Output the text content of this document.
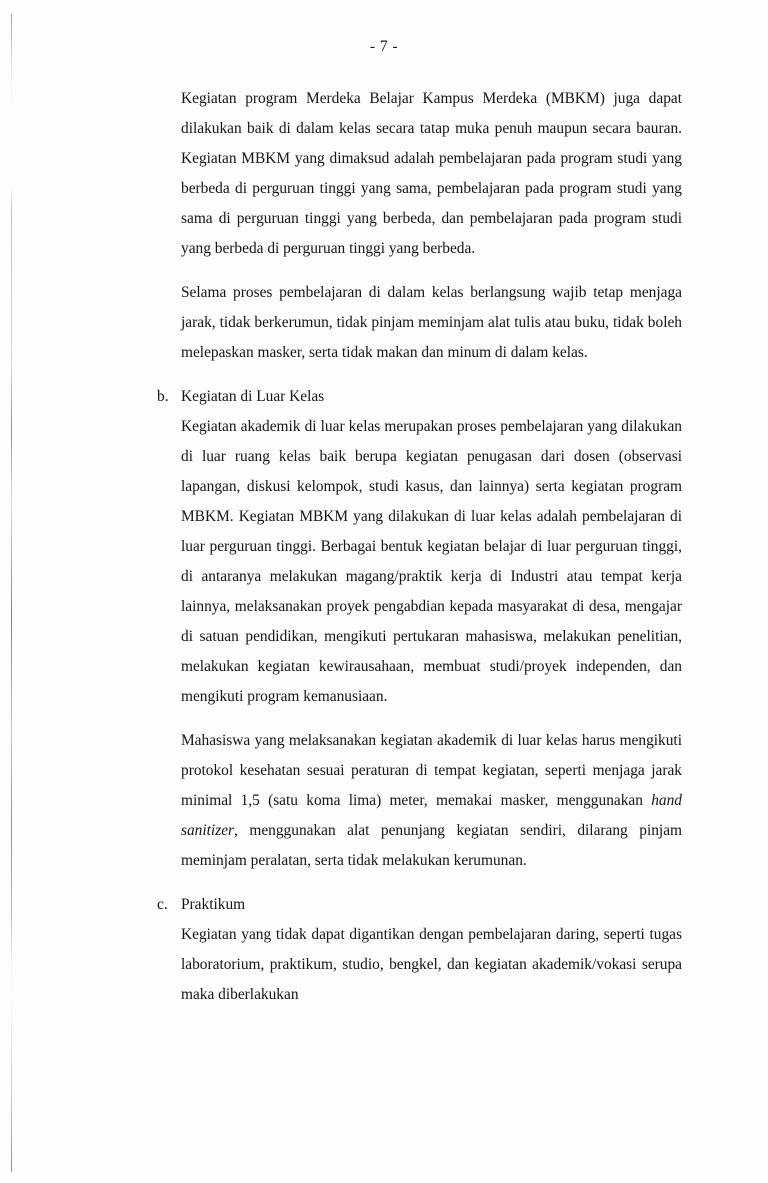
- 7 -

Kegiatan program Merdeka Belajar Kampus Merdeka (MBKM) juga dapat dilakukan baik di dalam kelas secara tatap muka penuh maupun secara bauran. Kegiatan MBKM yang dimaksud adalah pembelajaran pada program studi yang berbeda di perguruan tinggi yang sama, pembelajaran pada program studi yang sama di perguruan tinggi yang berbeda, dan pembelajaran pada program studi yang berbeda di perguruan tinggi yang berbeda.

Selama proses pembelajaran di dalam kelas berlangsung wajib tetap menjaga jarak, tidak berkerumun, tidak pinjam meminjam alat tulis atau buku, tidak boleh melepaskan masker, serta tidak makan dan minum di dalam kelas.

b. Kegiatan di Luar Kelas

Kegiatan akademik di luar kelas merupakan proses pembelajaran yang dilakukan di luar ruang kelas baik berupa kegiatan penugasan dari dosen (observasi lapangan, diskusi kelompok, studi kasus, dan lainnya) serta kegiatan program MBKM. Kegiatan MBKM yang dilakukan di luar kelas adalah pembelajaran di luar perguruan tinggi. Berbagai bentuk kegiatan belajar di luar perguruan tinggi, di antaranya melakukan magang/praktik kerja di Industri atau tempat kerja lainnya, melaksanakan proyek pengabdian kepada masyarakat di desa, mengajar di satuan pendidikan, mengikuti pertukaran mahasiswa, melakukan penelitian, melakukan kegiatan kewirausahaan, membuat studi/proyek independen, dan mengikuti program kemanusiaan.

Mahasiswa yang melaksanakan kegiatan akademik di luar kelas harus mengikuti protokol kesehatan sesuai peraturan di tempat kegiatan, seperti menjaga jarak minimal 1,5 (satu koma lima) meter, memakai masker, menggunakan hand sanitizer, menggunakan alat penunjang kegiatan sendiri, dilarang pinjam meminjam peralatan, serta tidak melakukan kerumunan.

c. Praktikum

Kegiatan yang tidak dapat digantikan dengan pembelajaran daring, seperti tugas laboratorium, praktikum, studio, bengkel, dan kegiatan akademik/vokasi serupa maka diberlakukan
